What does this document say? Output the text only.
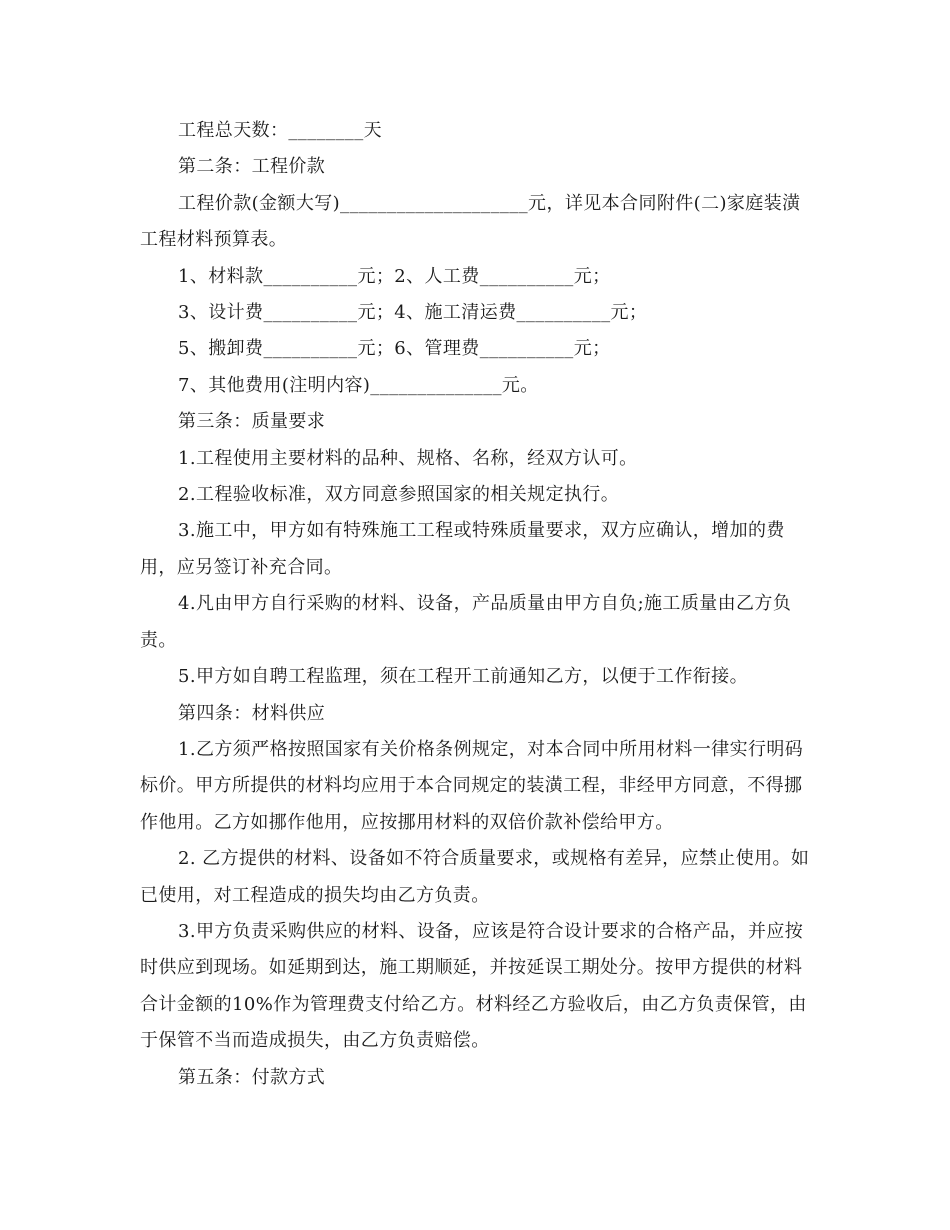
工程总天数：________天

第二条：工程价款

工程价款(金额大写)____________________元，详见本合同附件(二)家庭装潢工程材料预算表。

1、材料款__________元；2、人工费__________元；

3、设计费__________元；4、施工清运费__________元；

5、搬卸费__________元；6、管理费__________元；

7、其他费用(注明内容)______________元。

第三条：质量要求

1.工程使用主要材料的品种、规格、名称，经双方认可。

2.工程验收标准，双方同意参照国家的相关规定执行。

3.施工中，甲方如有特殊施工工程或特殊质量要求，双方应确认，增加的费用，应另签订补充合同。

4.凡由甲方自行采购的材料、设备，产品质量由甲方自负;施工质量由乙方负责。

5.甲方如自聘工程监理，须在工程开工前通知乙方，以便于工作衔接。

第四条：材料供应

1.乙方须严格按照国家有关价格条例规定，对本合同中所用材料一律实行明码标价。甲方所提供的材料均应用于本合同规定的装潢工程，非经甲方同意，不得挪作他用。乙方如挪作他用，应按挪用材料的双倍价款补偿给甲方。

2. 乙方提供的材料、设备如不符合质量要求，或规格有差异，应禁止使用。如已使用，对工程造成的损失均由乙方负责。

3.甲方负责采购供应的材料、设备，应该是符合设计要求的合格产品，并应按时供应到现场。如延期到达，施工期顺延，并按延误工期处分。按甲方提供的材料合计金额的10%作为管理费支付给乙方。材料经乙方验收后，由乙方负责保管，由于保管不当而造成损失，由乙方负责赔偿。

第五条：付款方式
